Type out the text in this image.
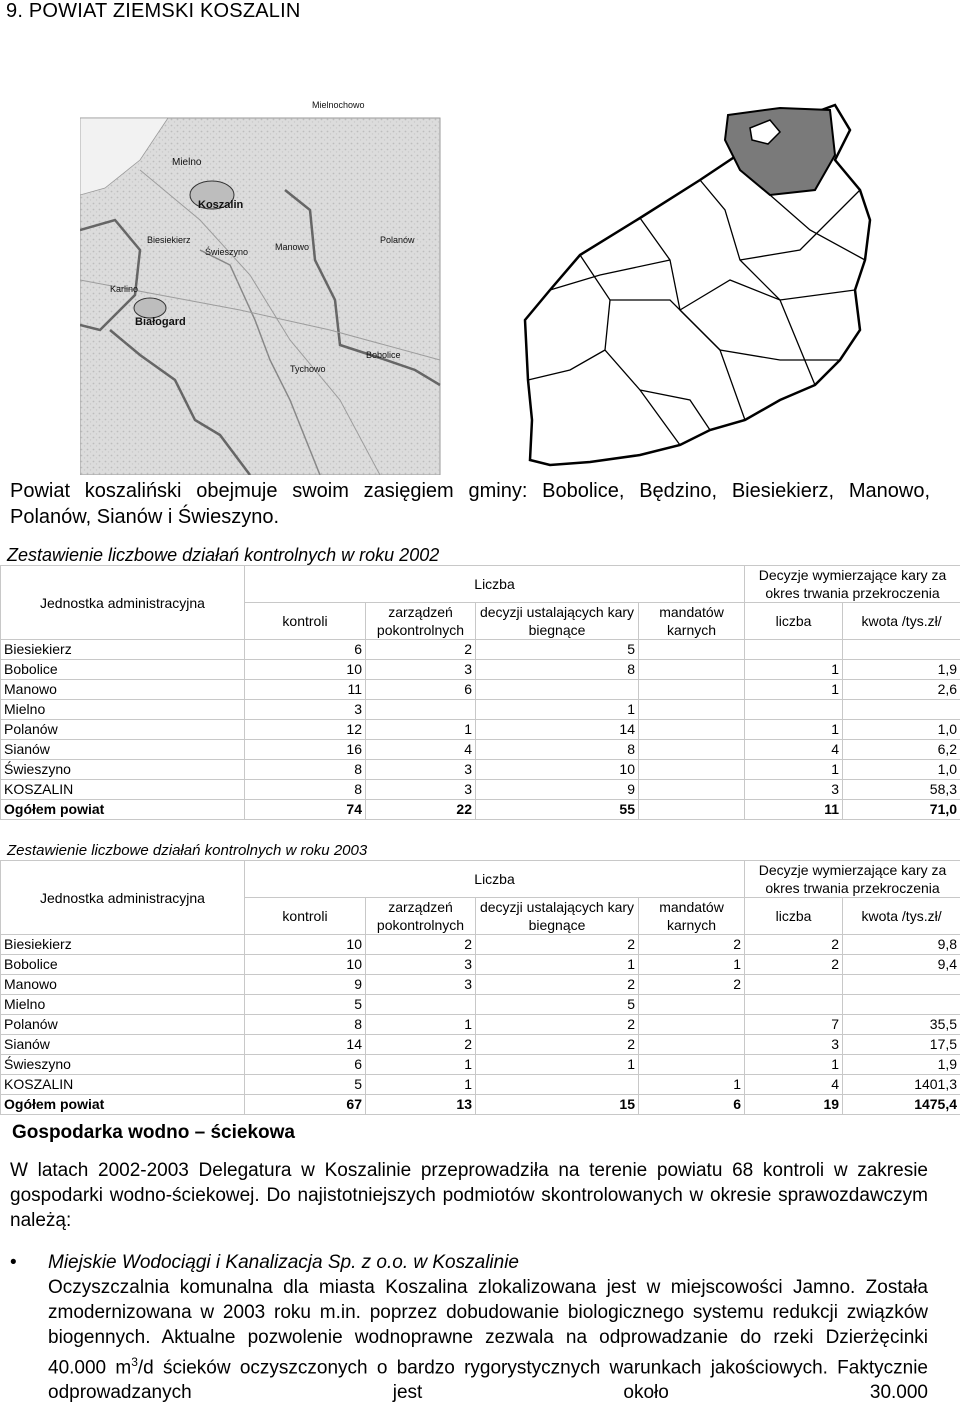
9. POWIAT ZIEMSKI KOSZALIN
Mielno
Mielnochowo
Koszalin
Biesiekierz
Manowo
Polanów
Świeszyno
Karlino
Białogard
Bobolice
Tychowo
Powiat koszaliński obejmuje swoim zasięgiem gminy: Bobolice, Będzino, Biesiekierz, Manowo, Polanów, Sianów i Świeszyno.
Zestawienie liczbowe działań kontrolnych w roku 2002
Jednostka administracyjna	Liczba				Decyzje wymierzające kary za okres trwania przekroczenia	
	kontroli	zarządzeń pokontrolnych	decyzji ustalających kary biegnące	mandatów karnych	liczba	kwota /tys.zł/
Biesiekierz	6	2	5			
Bobolice	10	3	8		1	1,9
Manowo	11	6			1	2,6
Mielno	3		1			
Polanów	12	1	14		1	1,0
Sianów	16	4	8		4	6,2
Świeszyno	8	3	10		1	1,0
KOSZALIN	8	3	9		3	58,3
Ogółem powiat	74	22	55		11	71,0
Zestawienie liczbowe działań kontrolnych w roku 2003
Jednostka administracyjna	Liczba				Decyzje wymierzające kary za okres trwania przekroczenia	
	kontroli	zarządzeń pokontrolnych	decyzji ustalających kary biegnące	mandatów karnych	liczba	kwota /tys.zł/
Biesiekierz	10	2	2	2	2	9,8
Bobolice	10	3	1	1	2	9,4
Manowo	9	3	2	2		
Mielno	5		5			
Polanów	8	1	2		7	35,5
Sianów	14	2	2		3	17,5
Świeszyno	6	1	1		1	1,9
KOSZALIN	5	1		1	4	1401,3
Ogółem powiat	67	13	15	6	19	1475,4
Gospodarka wodno – ściekowa
W latach 2002-2003 Delegatura w Koszalinie przeprowadziła na terenie powiatu 68 kontroli w zakresie gospodarki wodno-ściekowej. Do najistotniejszych podmiotów skontrolowanych w okresie sprawozdawczym należą:
• Miejskie Wodociągi i Kanalizacja Sp. z o.o. w Koszalinie
Oczyszczalnia komunalna dla miasta Koszalina zlokalizowana jest w miejscowości Jamno. Została zmodernizowana w 2003 roku m.in. poprzez dobudowanie biologicznego systemu redukcji związków biogennych. Aktualne pozwolenie wodnoprawne zezwala na odprowadzanie do rzeki Dzierżęcinki 40.000 $m^3/d$ ścieków oczyszczonych o bardzo rygorystycznych warunkach jakościowych. Faktycznie odprowadzanych jest około 30.000
